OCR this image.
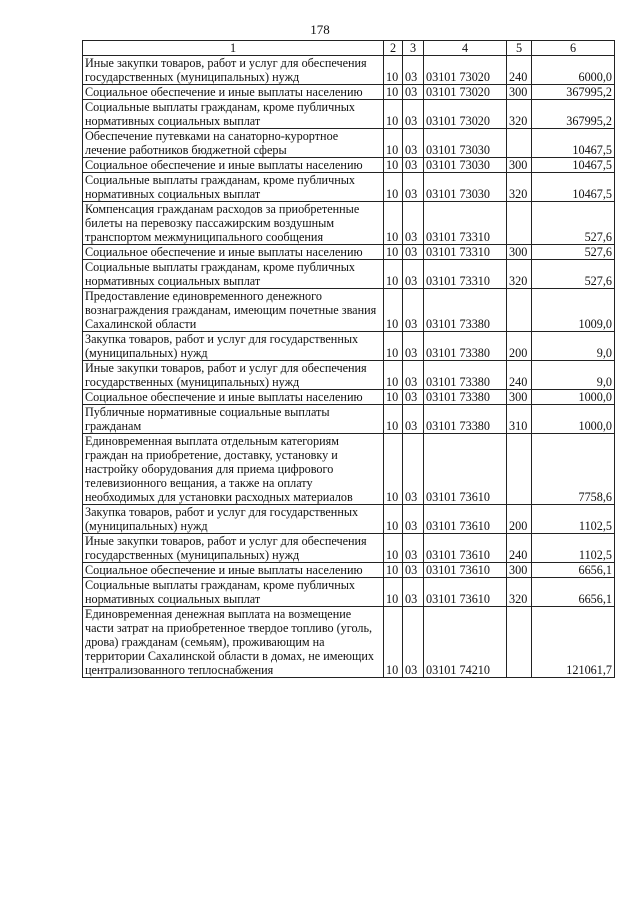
178
1	2	3	4	5	6
Иные закупки товаров, работ и услуг для обеспечения государственных (муниципальных) нужд	10	03	03101 73020	240	6000,0
Социальное обеспечение и иные выплаты населению	10	03	03101 73020	300	367995,2
Социальные выплаты гражданам, кроме публичных нормативных социальных выплат	10	03	03101 73020	320	367995,2
Обеспечение путевками на санаторно-курортное лечение работников бюджетной сферы	10	03	03101 73030		10467,5
Социальное обеспечение и иные выплаты населению	10	03	03101 73030	300	10467,5
Социальные выплаты гражданам, кроме публичных нормативных социальных выплат	10	03	03101 73030	320	10467,5
Компенсация гражданам расходов за приобретенные билеты на перевозку пассажирским воздушным транспортом межмуниципального сообщения	10	03	03101 73310		527,6
Социальное обеспечение и иные выплаты населению	10	03	03101 73310	300	527,6
Социальные выплаты гражданам, кроме публичных нормативных социальных выплат	10	03	03101 73310	320	527,6
Предоставление единовременного денежного вознаграждения гражданам, имеющим почетные звания Сахалинской области	10	03	03101 73380		1009,0
Закупка товаров, работ и услуг для государственных (муниципальных) нужд	10	03	03101 73380	200	9,0
Иные закупки товаров, работ и услуг для обеспечения государственных (муниципальных) нужд	10	03	03101 73380	240	9,0
Социальное обеспечение и иные выплаты населению	10	03	03101 73380	300	1000,0
Публичные нормативные социальные выплаты гражданам	10	03	03101 73380	310	1000,0
Единовременная выплата отдельным категориям граждан на приобретение, доставку, установку и настройку оборудования для приема цифрового телевизионного вещания, а также на оплату необходимых для установки расходных материалов	10	03	03101 73610		7758,6
Закупка товаров, работ и услуг для государственных (муниципальных) нужд	10	03	03101 73610	200	1102,5
Иные закупки товаров, работ и услуг для обеспечения государственных (муниципальных) нужд	10	03	03101 73610	240	1102,5
Социальное обеспечение и иные выплаты населению	10	03	03101 73610	300	6656,1
Социальные выплаты гражданам, кроме публичных нормативных социальных выплат	10	03	03101 73610	320	6656,1
Единовременная денежная выплата на возмещение части затрат на приобретенное твердое топливо (уголь, дрова) гражданам (семьям), проживающим на территории Сахалинской области в домах, не имеющих централизованного теплоснабжения	10	03	03101 74210		121061,7
